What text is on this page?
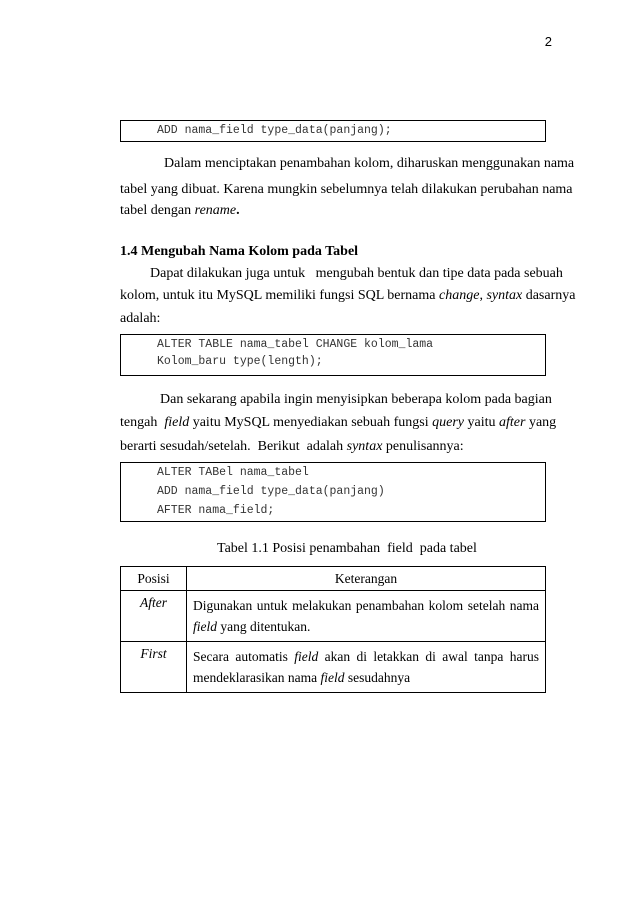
2
ADD nama_field type_data(panjang);
Dalam menciptakan penambahan kolom, diharuskan menggunakan nama
tabel yang dibuat. Karena mungkin sebelumnya telah dilakukan perubahan nama
tabel dengan rename.
1.4 Mengubah Nama Kolom pada Tabel
Dapat dilakukan juga untuk   mengubah bentuk dan tipe data pada sebuah
kolom, untuk itu MySQL memiliki fungsi SQL bernama change, syntax dasarnya
adalah:
ALTER TABLE nama_tabel CHANGE kolom_lama
Kolom_baru type(length);
Dan sekarang apabila ingin menyisipkan beberapa kolom pada bagian
tengah  field yaitu MySQL menyediakan sebuah fungsi query yaitu after yang
berarti sesudah/setelah.  Berikut  adalah syntax penulisannya:
ALTER TABel nama_tabel
ADD nama_field type_data(panjang)
AFTER nama_field;
Tabel 1.1 Posisi penambahan  field  pada tabel
Posisi	Keterangan
After	Digunakan untuk melakukan penambahan kolom setelah nama
field yang ditentukan.

First	Secara automatis field akan di letakkan di awal tanpa harus
mendeklarasikan nama field sesudahnya
